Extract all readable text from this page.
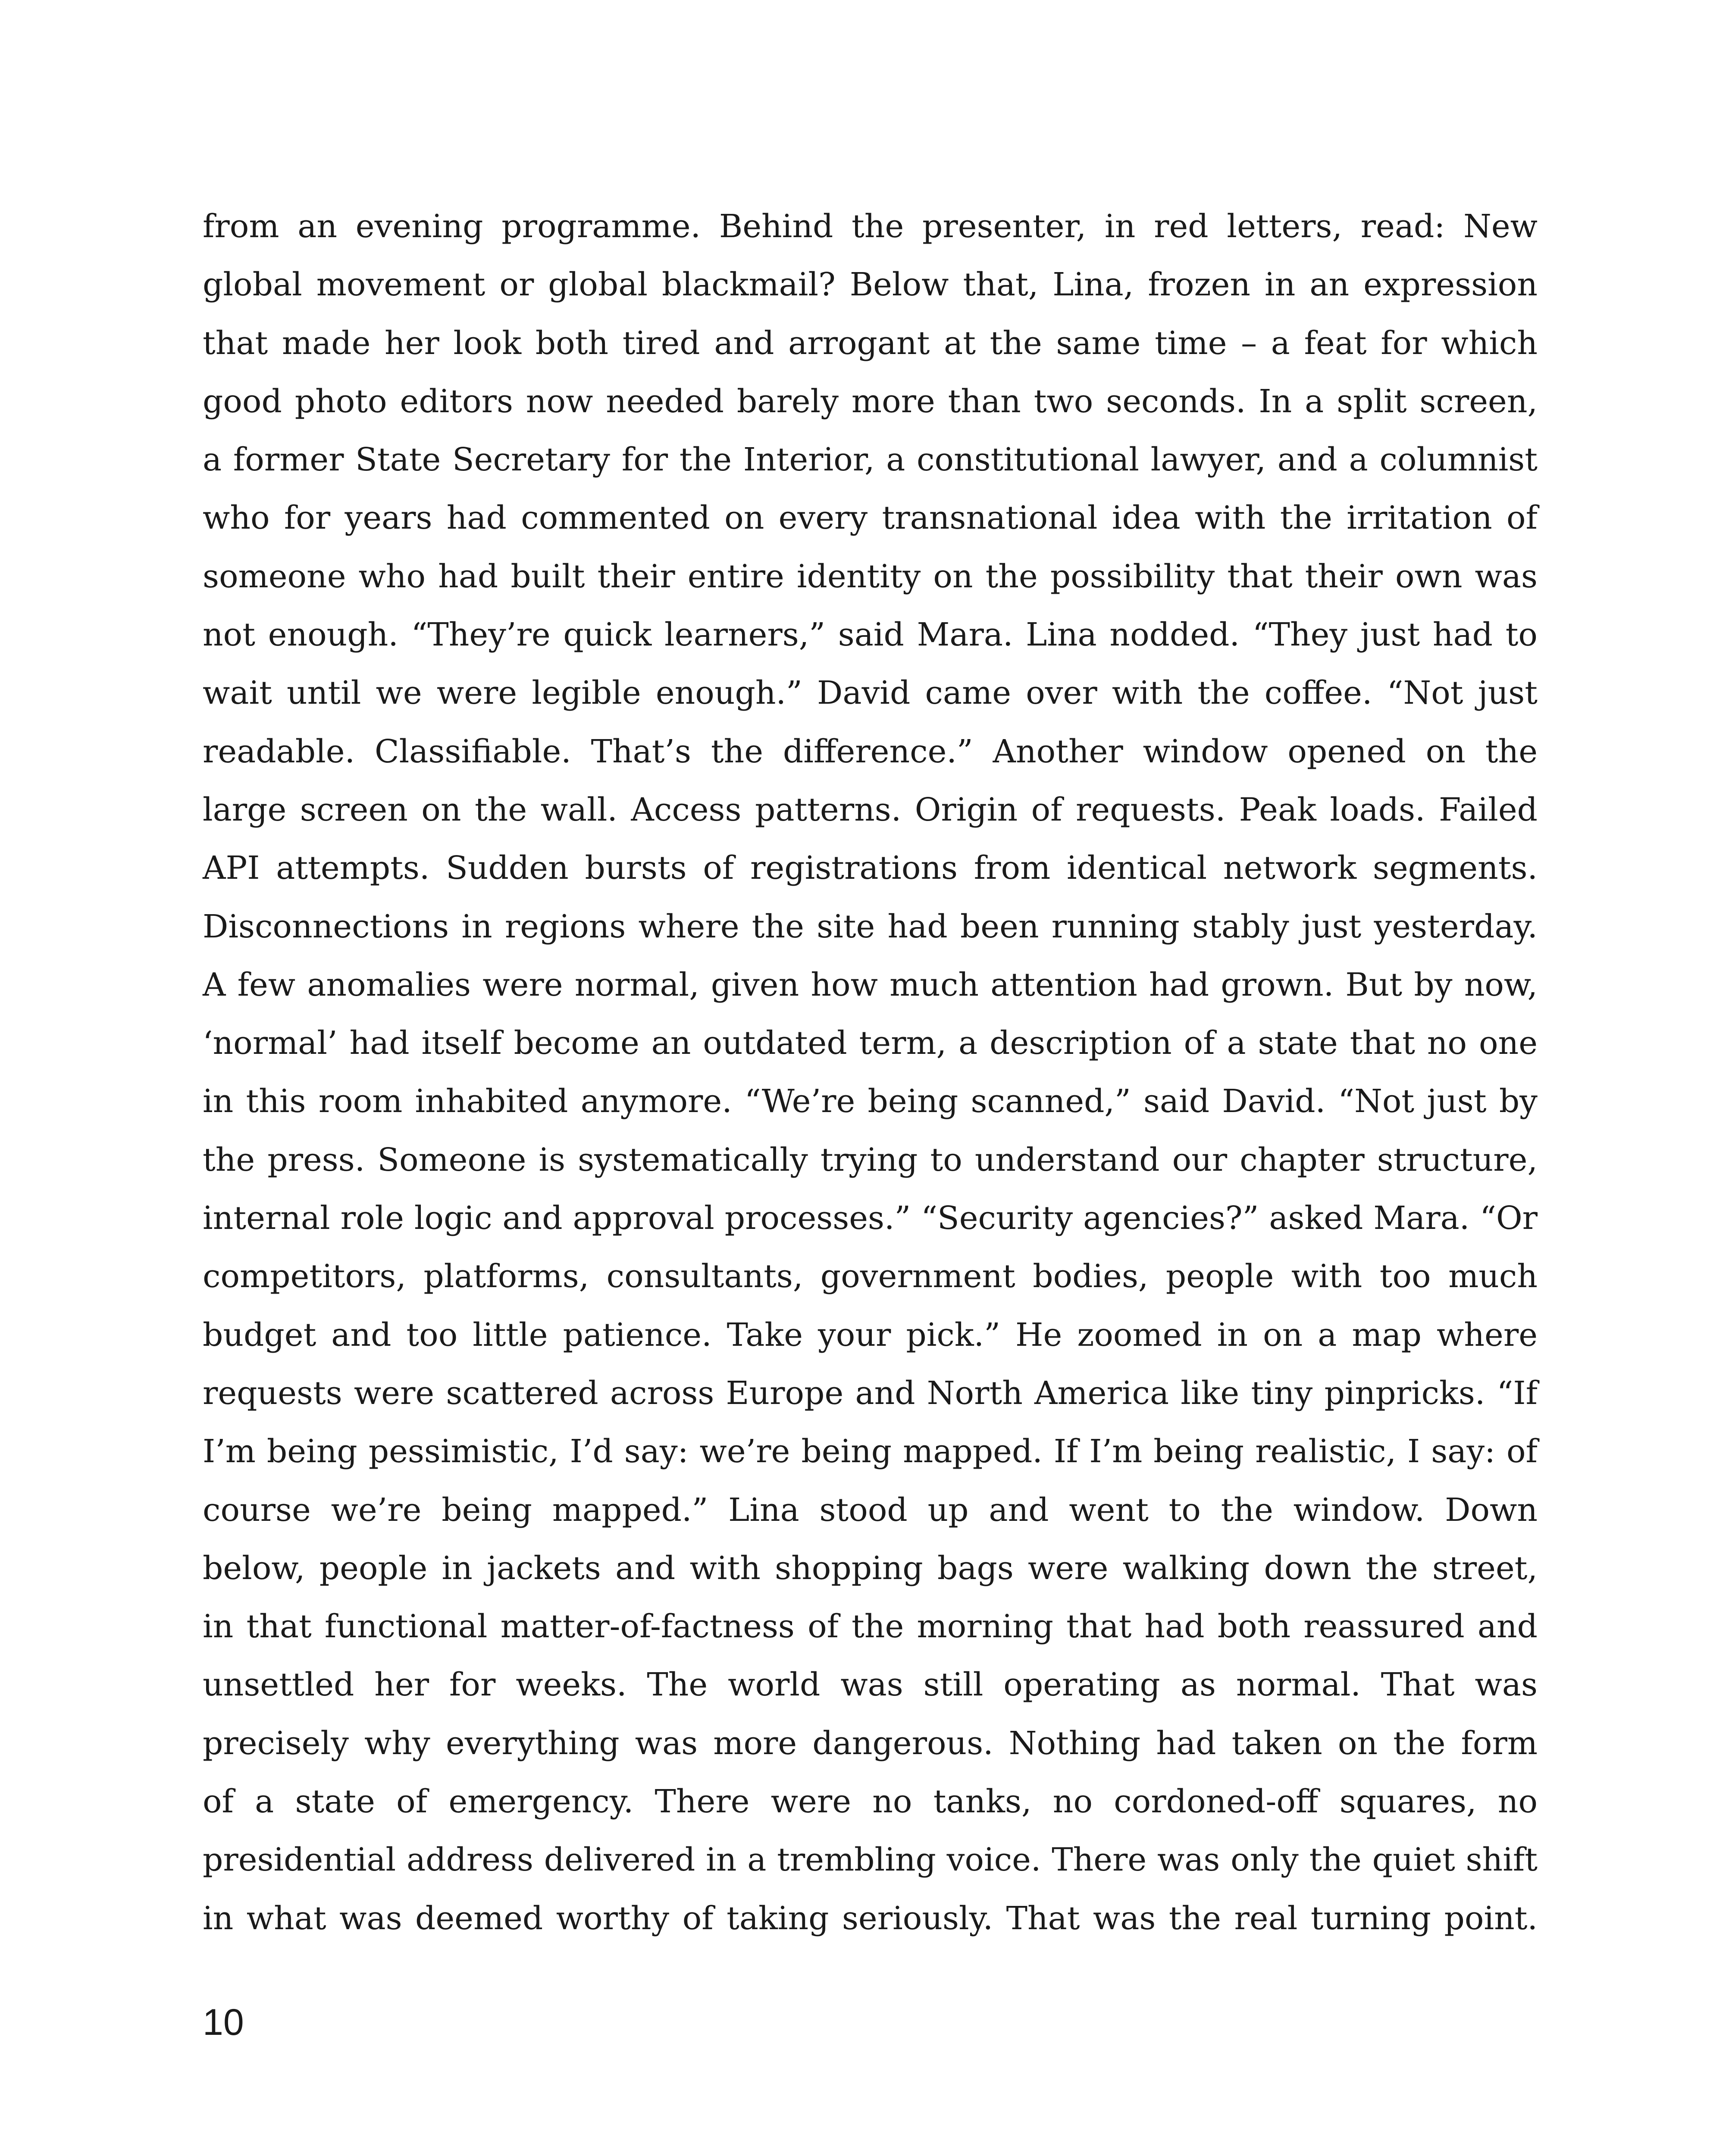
from an evening programme. Behind the presenter, in red letters, read: New
global movement or global blackmail? Below that, Lina, frozen in an expression
that made her look both tired and arrogant at the same time – a feat for which
good photo editors now needed barely more than two seconds. In a split screen,
a former State Secretary for the Interior, a constitutional lawyer, and a columnist
who for years had commented on every transnational idea with the irritation of
someone who had built their entire identity on the possibility that their own was
not enough. “They’re quick learners,” said Mara. Lina nodded. “They just had to
wait until we were legible enough.” David came over with the coffee. “Not just
readable. Classifiable. That’s the difference.” Another window opened on the
large screen on the wall. Access patterns. Origin of requests. Peak loads. Failed
API attempts. Sudden bursts of registrations from identical network segments.
Disconnections in regions where the site had been running stably just yesterday.
A few anomalies were normal, given how much attention had grown. But by now,
‘normal’ had itself become an outdated term, a description of a state that no one
in this room inhabited anymore. “We’re being scanned,” said David. “Not just by
the press. Someone is systematically trying to understand our chapter structure,
internal role logic and approval processes.” “Security agencies?” asked Mara. “Or
competitors, platforms, consultants, government bodies, people with too much
budget and too little patience. Take your pick.” He zoomed in on a map where
requests were scattered across Europe and North America like tiny pinpricks. “If
I’m being pessimistic, I’d say: we’re being mapped. If I’m being realistic, I say: of
course we’re being mapped.” Lina stood up and went to the window. Down
below, people in jackets and with shopping bags were walking down the street,
in that functional matter-of-factness of the morning that had both reassured and
unsettled her for weeks. The world was still operating as normal. That was
precisely why everything was more dangerous. Nothing had taken on the form
of a state of emergency. There were no tanks, no cordoned-off squares, no
presidential address delivered in a trembling voice. There was only the quiet shift
in what was deemed worthy of taking seriously. That was the real turning point.
10
